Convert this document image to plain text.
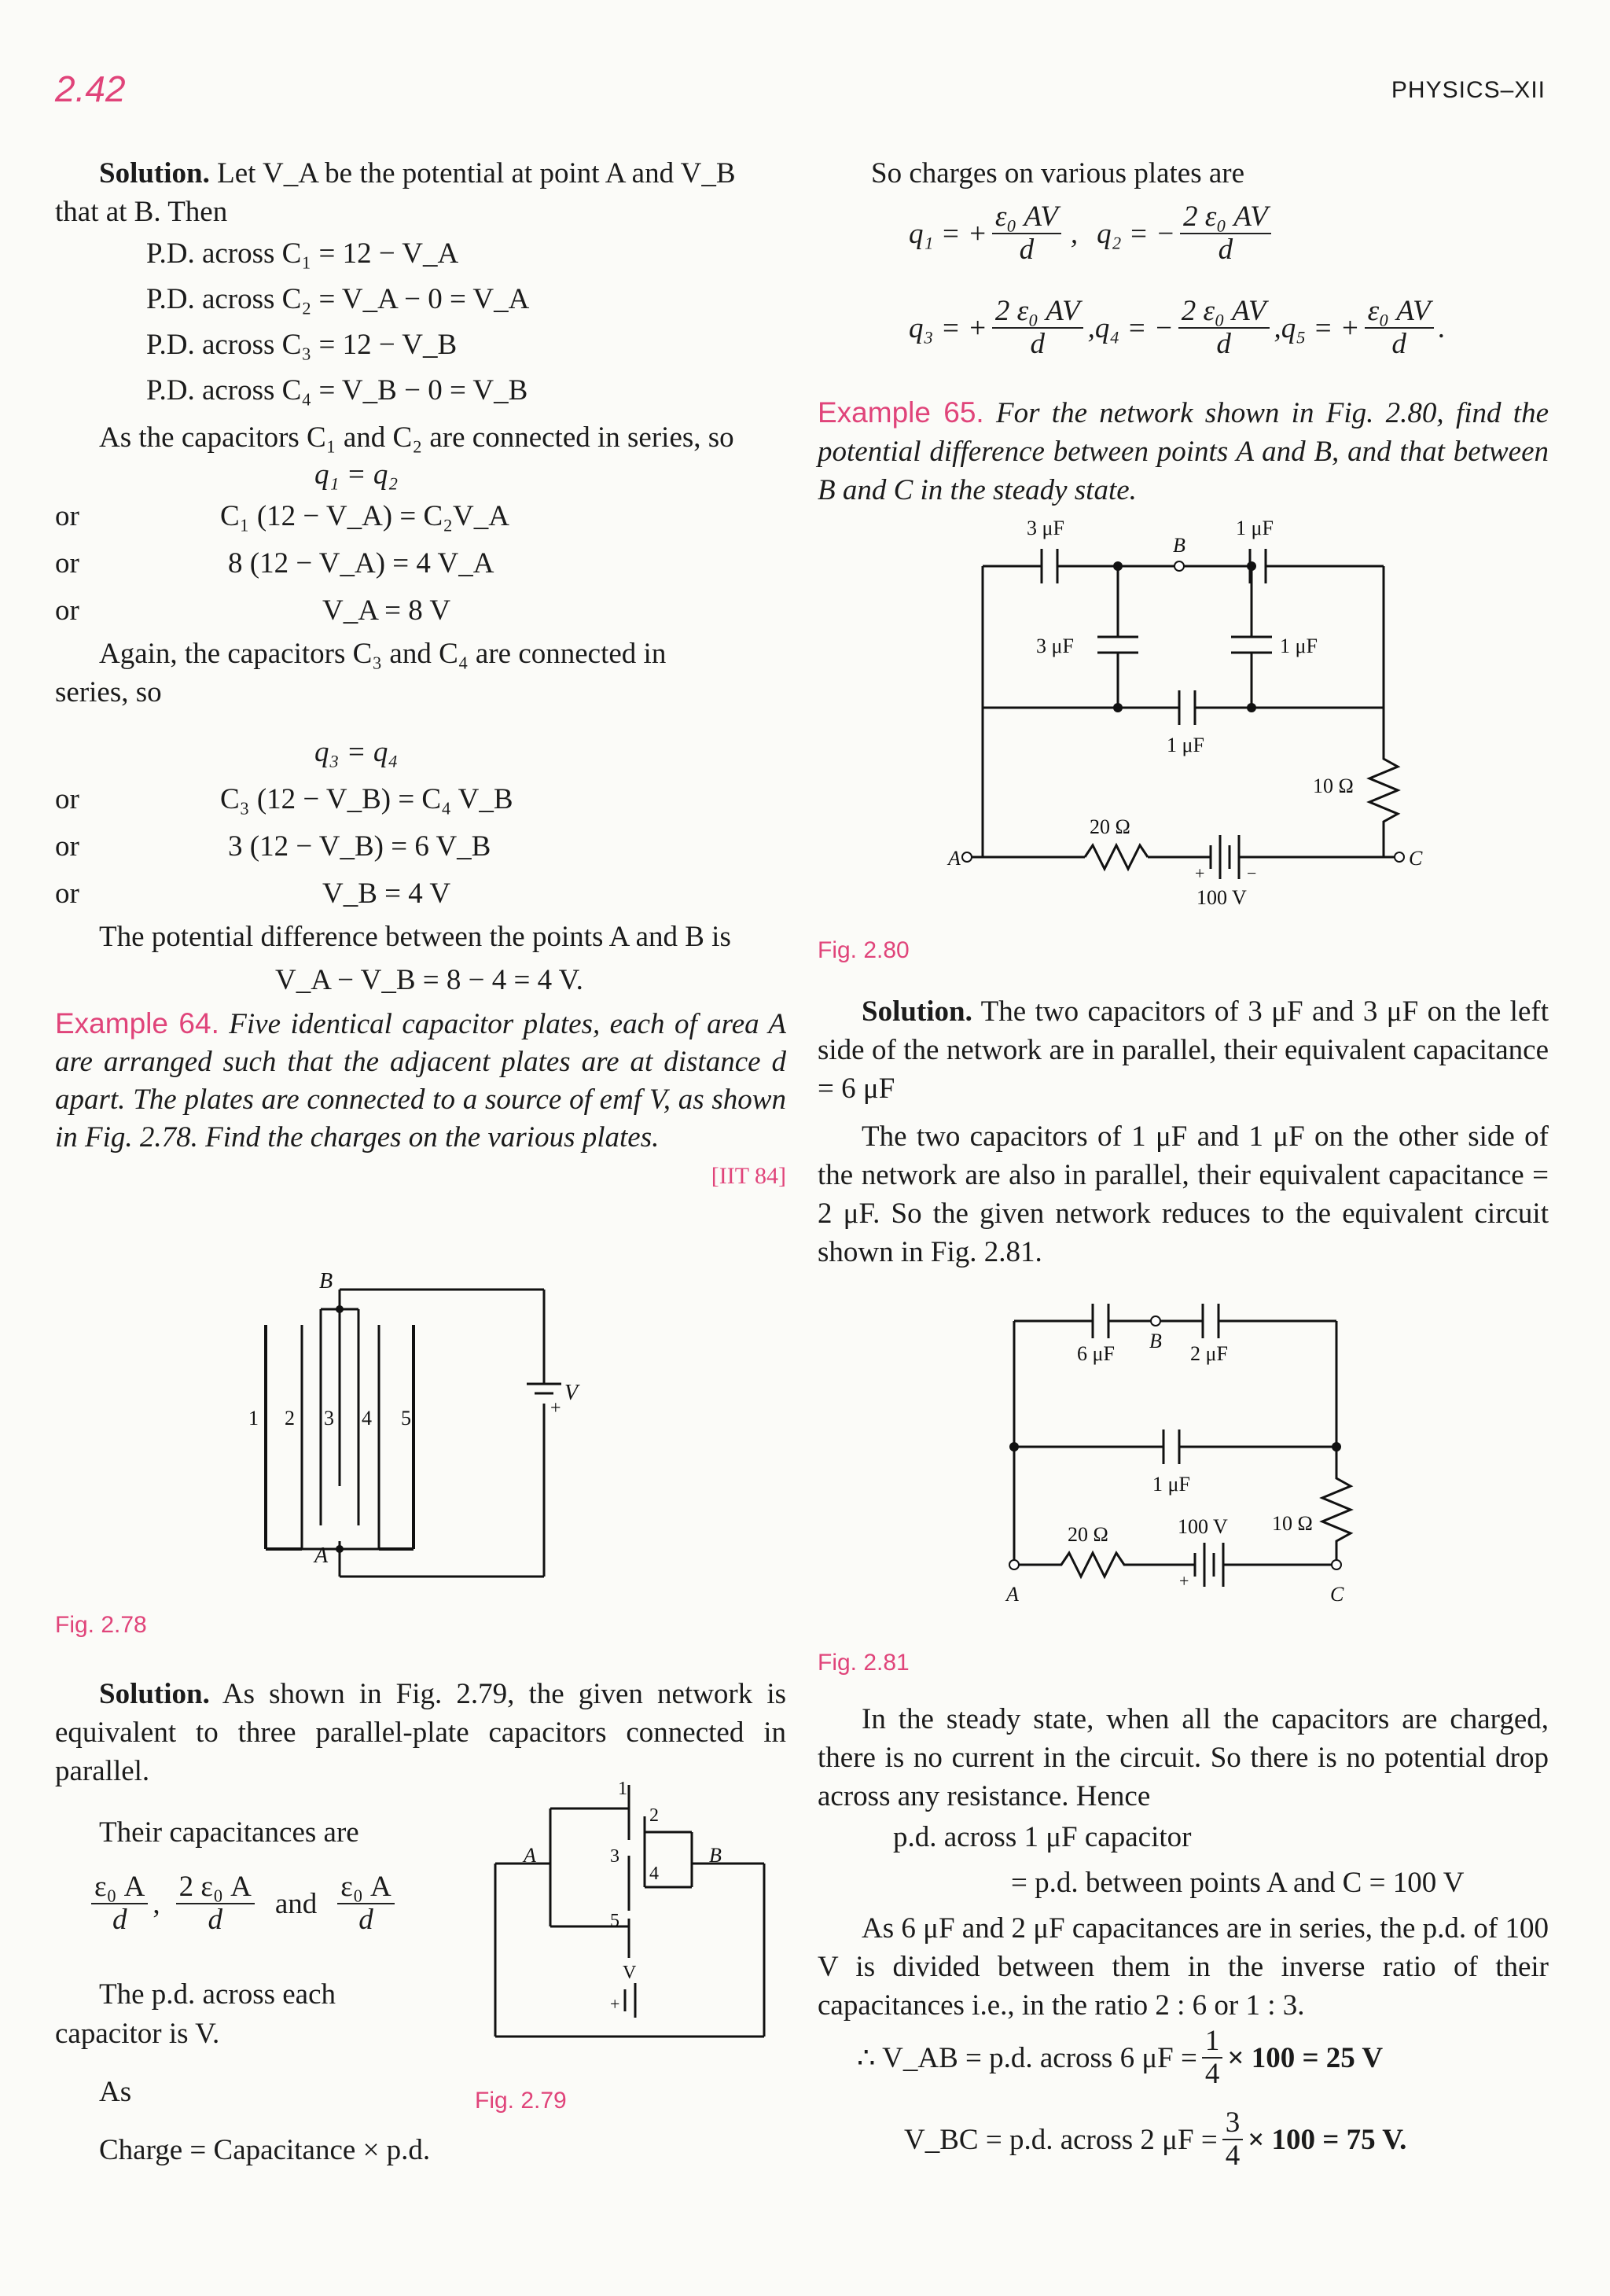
2.42	PHYSICS–XII

Solution. Let V_A be the potential at point A and V_B

that at B. Then

P.D. across C₁ = 12 − V_A

P.D. across C₂ = V_A − 0 = V_A

P.D. across C₃ = 12 − V_B

P.D. across C₄ = V_B − 0 = V_B

As the capacitors C₁ and C₂ are connected in series, so

q₁ = q₂

or	C₁ (12 − V_A) = C₂V_A
or	8 (12 − V_A) = 4 V_A
or	V_A = 8 V

Again, the capacitors C₃ and C₄ are connected in

series, so

q₃ = q₄

or	C₃ (12 − V_B) = C₄ V_B
or	3 (12 − V_B) = 6 V_B
or	V_B = 4 V

The potential difference between the points A and B is

V_A − V_B = 8 − 4 = 4 V.

Example 64. Five identical capacitor plates, each of area A are arranged such that the adjacent plates are at distance d apart. The plates are connected to a source of emf V, as shown in Fig. 2.78. Find the charges on the various plates.

[IIT 84]

B
A
1 2 3 4 5
V
+
Fig. 2.78

Solution. As shown in Fig. 2.79, the given network is equivalent to three parallel-plate capacitors connected in parallel.

Their capacitances are
$\frac{\text{ε₀ A}}{d}$ , $\frac{\text{2 ε₀ A}}{d}$ and $\frac{\text{ε₀ A}}{d}$

The p.d. across each

capacitor is V.
As
Charge = Capacitance × p.d.
A	B
1
2
3
4
5
V
+
Fig. 2.79
So charges on various plates are
q₁ = + $\frac{\text{ε₀ AV}}{d}$ , q₂ = − $\frac{\text{2 ε₀ AV}}{d}$
q₃ = + $\frac{\text{2 ε₀ AV}}{d}$ , q₄ = − $\frac{\text{2 ε₀ AV}}{d}$ , q₅ = + $\frac{\text{ε₀ AV}}{d}$ .

Example 65. For the network shown in Fig. 2.80, find the potential difference between points A and B, and that between B and C in the steady state.

3 μF	1 μF
B
3 μF	1 μF
1 μF
10 Ω
20 Ω
100 V
A	C
+ −
Fig. 2.80

Solution. The two capacitors of 3 μF and 3 μF on the left side of the network are in parallel, their equivalent capacitance = 6 μF

The two capacitors of 1 μF and 1 μF on the other side of the network are also in parallel, their equivalent capacitance = 2 μF. So the given network reduces to the equivalent circuit shown in Fig. 2.81.

6 μF	2 μF
B
1 μF
10 Ω
100 V
20 Ω
A	C
+
Fig. 2.81

In the steady state, when all the capacitors are charged, there is no current in the circuit. So there is no potential drop across any resistance. Hence

p.d. across 1 μF capacitor
= p.d. between points A and C = 100 V

As 6 μF and 2 μF capacitances are in series, the p.d. of 100 V is divided between them in the inverse ratio of their capacitances i.e., in the ratio 2 : 6 or 1 : 3.

∴ V_AB = p.d. across 6 $\mu F = \frac{1}{4} \times 100 = 25$ V
V_BC = p.d. across 2 $\mu F = \frac{3}{4} \times 100 = 75$ V.
